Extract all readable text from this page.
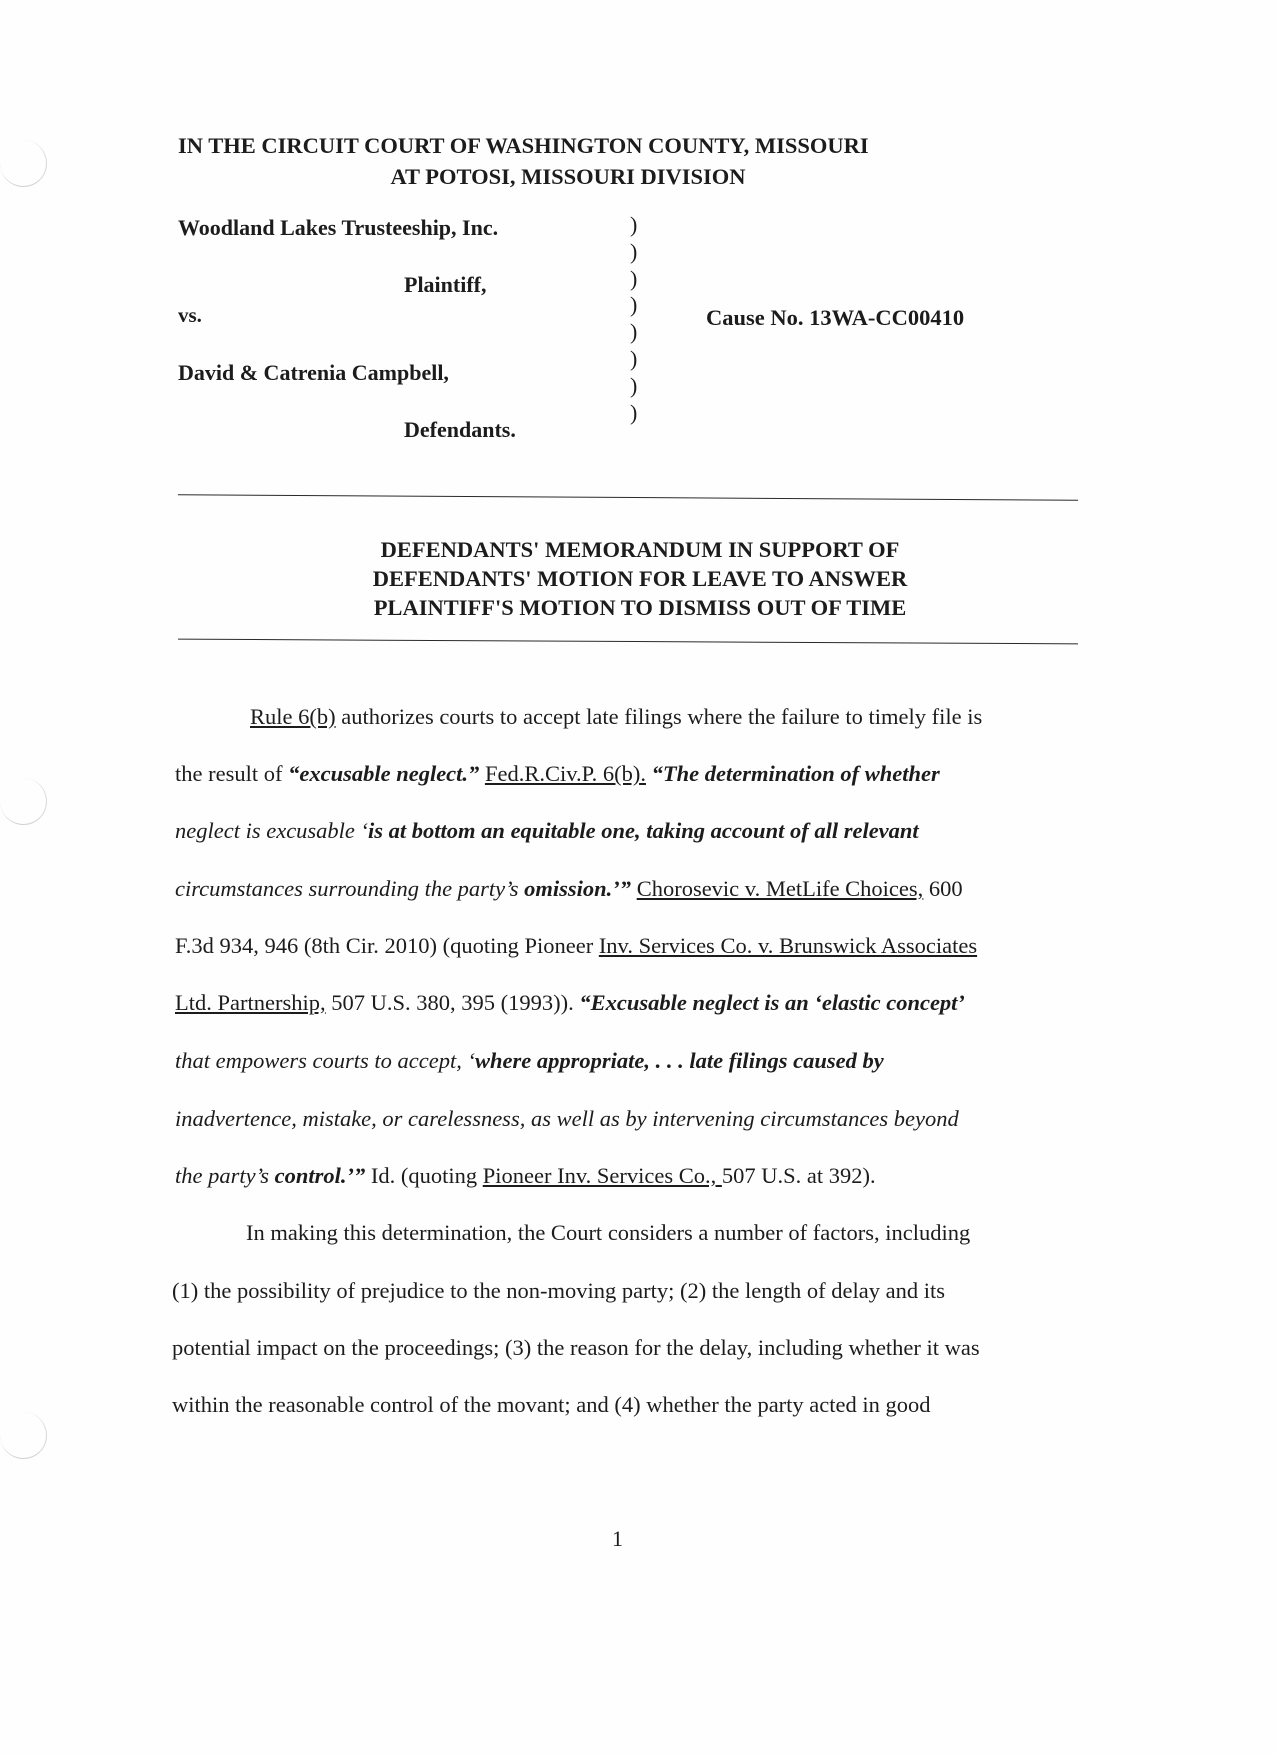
IN THE CIRCUIT COURT OF WASHINGTON COUNTY, MISSOURI
AT POTOSI, MISSOURI DIVISION
Woodland Lakes Trusteeship, Inc.
Plaintiff,
vs.
David & Catrenia Campbell,
Defendants.
)
)
)
)
)
)
)
)
Cause No. 13WA-CC00410
DEFENDANTS' MEMORANDUM IN SUPPORT OF
DEFENDANTS' MOTION FOR LEAVE TO ANSWER
PLAINTIFF'S MOTION TO DISMISS OUT OF TIME
Rule 6(b) authorizes courts to accept late filings where the failure to timely file is
the result of “excusable neglect.” Fed.R.Civ.P. 6(b). “The determination of whether
neglect is excusable ‘is at bottom an equitable one, taking account of all relevant
circumstances surrounding the party’s omission.’” Chorosevic v. MetLife Choices, 600
F.3d 934, 946 (8th Cir. 2010) (quoting Pioneer Inv. Services Co. v. Brunswick Associates
Ltd. Partnership, 507 U.S. 380, 395 (1993)). “Excusable neglect is an ‘elastic concept’
that empowers courts to accept, ‘where appropriate, . . . late filings caused by
inadvertence, mistake, or carelessness, as well as by intervening circumstances beyond
the party’s control.’” Id. (quoting Pioneer Inv. Services Co., 507 U.S. at 392).
In making this determination, the Court considers a number of factors, including
(1) the possibility of prejudice to the non-moving party; (2) the length of delay and its
potential impact on the proceedings; (3) the reason for the delay, including whether it was
within the reasonable control of the movant; and (4) whether the party acted in good
1
